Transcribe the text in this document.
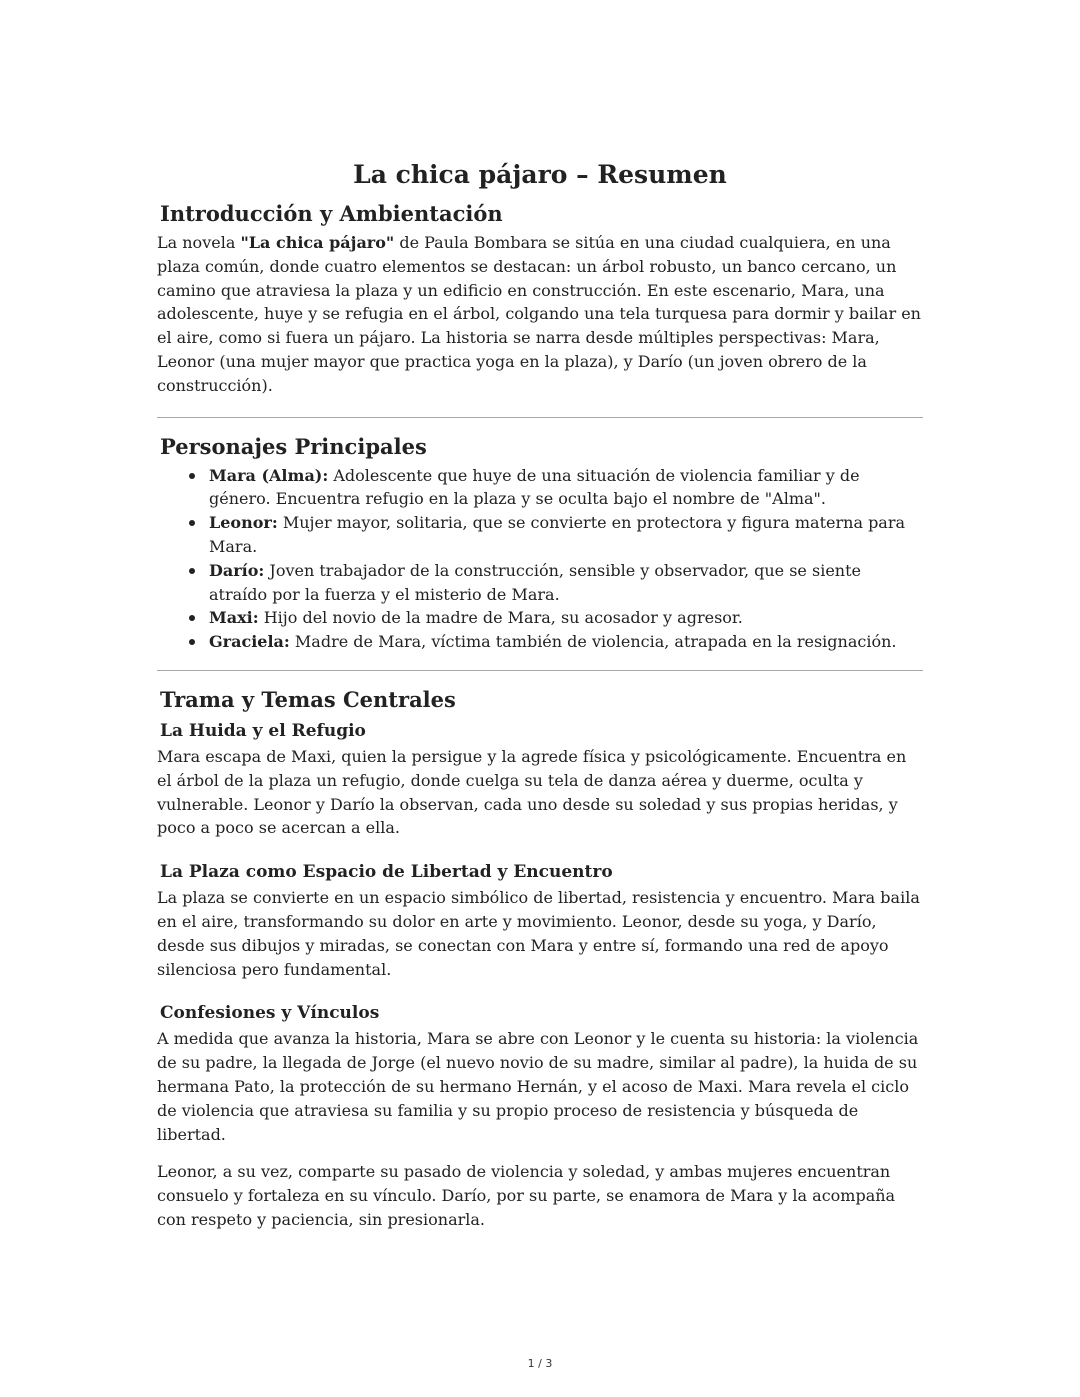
La chica pájaro – Resumen
Introducción y Ambientación

La novela "La chica pájaro" de Paula Bombara se sitúa en una ciudad cualquiera, en una plaza común, donde cuatro elementos se destacan: un árbol robusto, un banco cercano, un camino que atraviesa la plaza y un edificio en construcción. En este escenario, Mara, una adolescente, huye y se refugia en el árbol, colgando una tela turquesa para dormir y bailar en el aire, como si fuera un pájaro. La historia se narra desde múltiples perspectivas: Mara, Leonor (una mujer mayor que practica yoga en la plaza), y Darío (un joven obrero de la construcción).

Personajes Principales
Mara (Alma): Adolescente que huye de una situación de violencia familiar y de género. Encuentra refugio en la plaza y se oculta bajo el nombre de "Alma".
Leonor: Mujer mayor, solitaria, que se convierte en protectora y figura materna para Mara.
Darío: Joven trabajador de la construcción, sensible y observador, que se siente atraído por la fuerza y el misterio de Mara.
Maxi: Hijo del novio de la madre de Mara, su acosador y agresor.
Graciela: Madre de Mara, víctima también de violencia, atrapada en la resignación.
Trama y Temas Centrales
La Huida y el Refugio

Mara escapa de Maxi, quien la persigue y la agrede física y psicológicamente. Encuentra en el árbol de la plaza un refugio, donde cuelga su tela de danza aérea y duerme, oculta y vulnerable. Leonor y Darío la observan, cada uno desde su soledad y sus propias heridas, y poco a poco se acercan a ella.

La Plaza como Espacio de Libertad y Encuentro

La plaza se convierte en un espacio simbólico de libertad, resistencia y encuentro. Mara baila en el aire, transformando su dolor en arte y movimiento. Leonor, desde su yoga, y Darío, desde sus dibujos y miradas, se conectan con Mara y entre sí, formando una red de apoyo silenciosa pero fundamental.

Confesiones y Vínculos

A medida que avanza la historia, Mara se abre con Leonor y le cuenta su historia: la violencia de su padre, la llegada de Jorge (el nuevo novio de su madre, similar al padre), la huida de su hermana Pato, la protección de su hermano Hernán, y el acoso de Maxi. Mara revela el ciclo de violencia que atraviesa su familia y su propio proceso de resistencia y búsqueda de libertad.

Leonor, a su vez, comparte su pasado de violencia y soledad, y ambas mujeres encuentran consuelo y fortaleza en su vínculo. Darío, por su parte, se enamora de Mara y la acompaña con respeto y paciencia, sin presionarla.

1 / 3
